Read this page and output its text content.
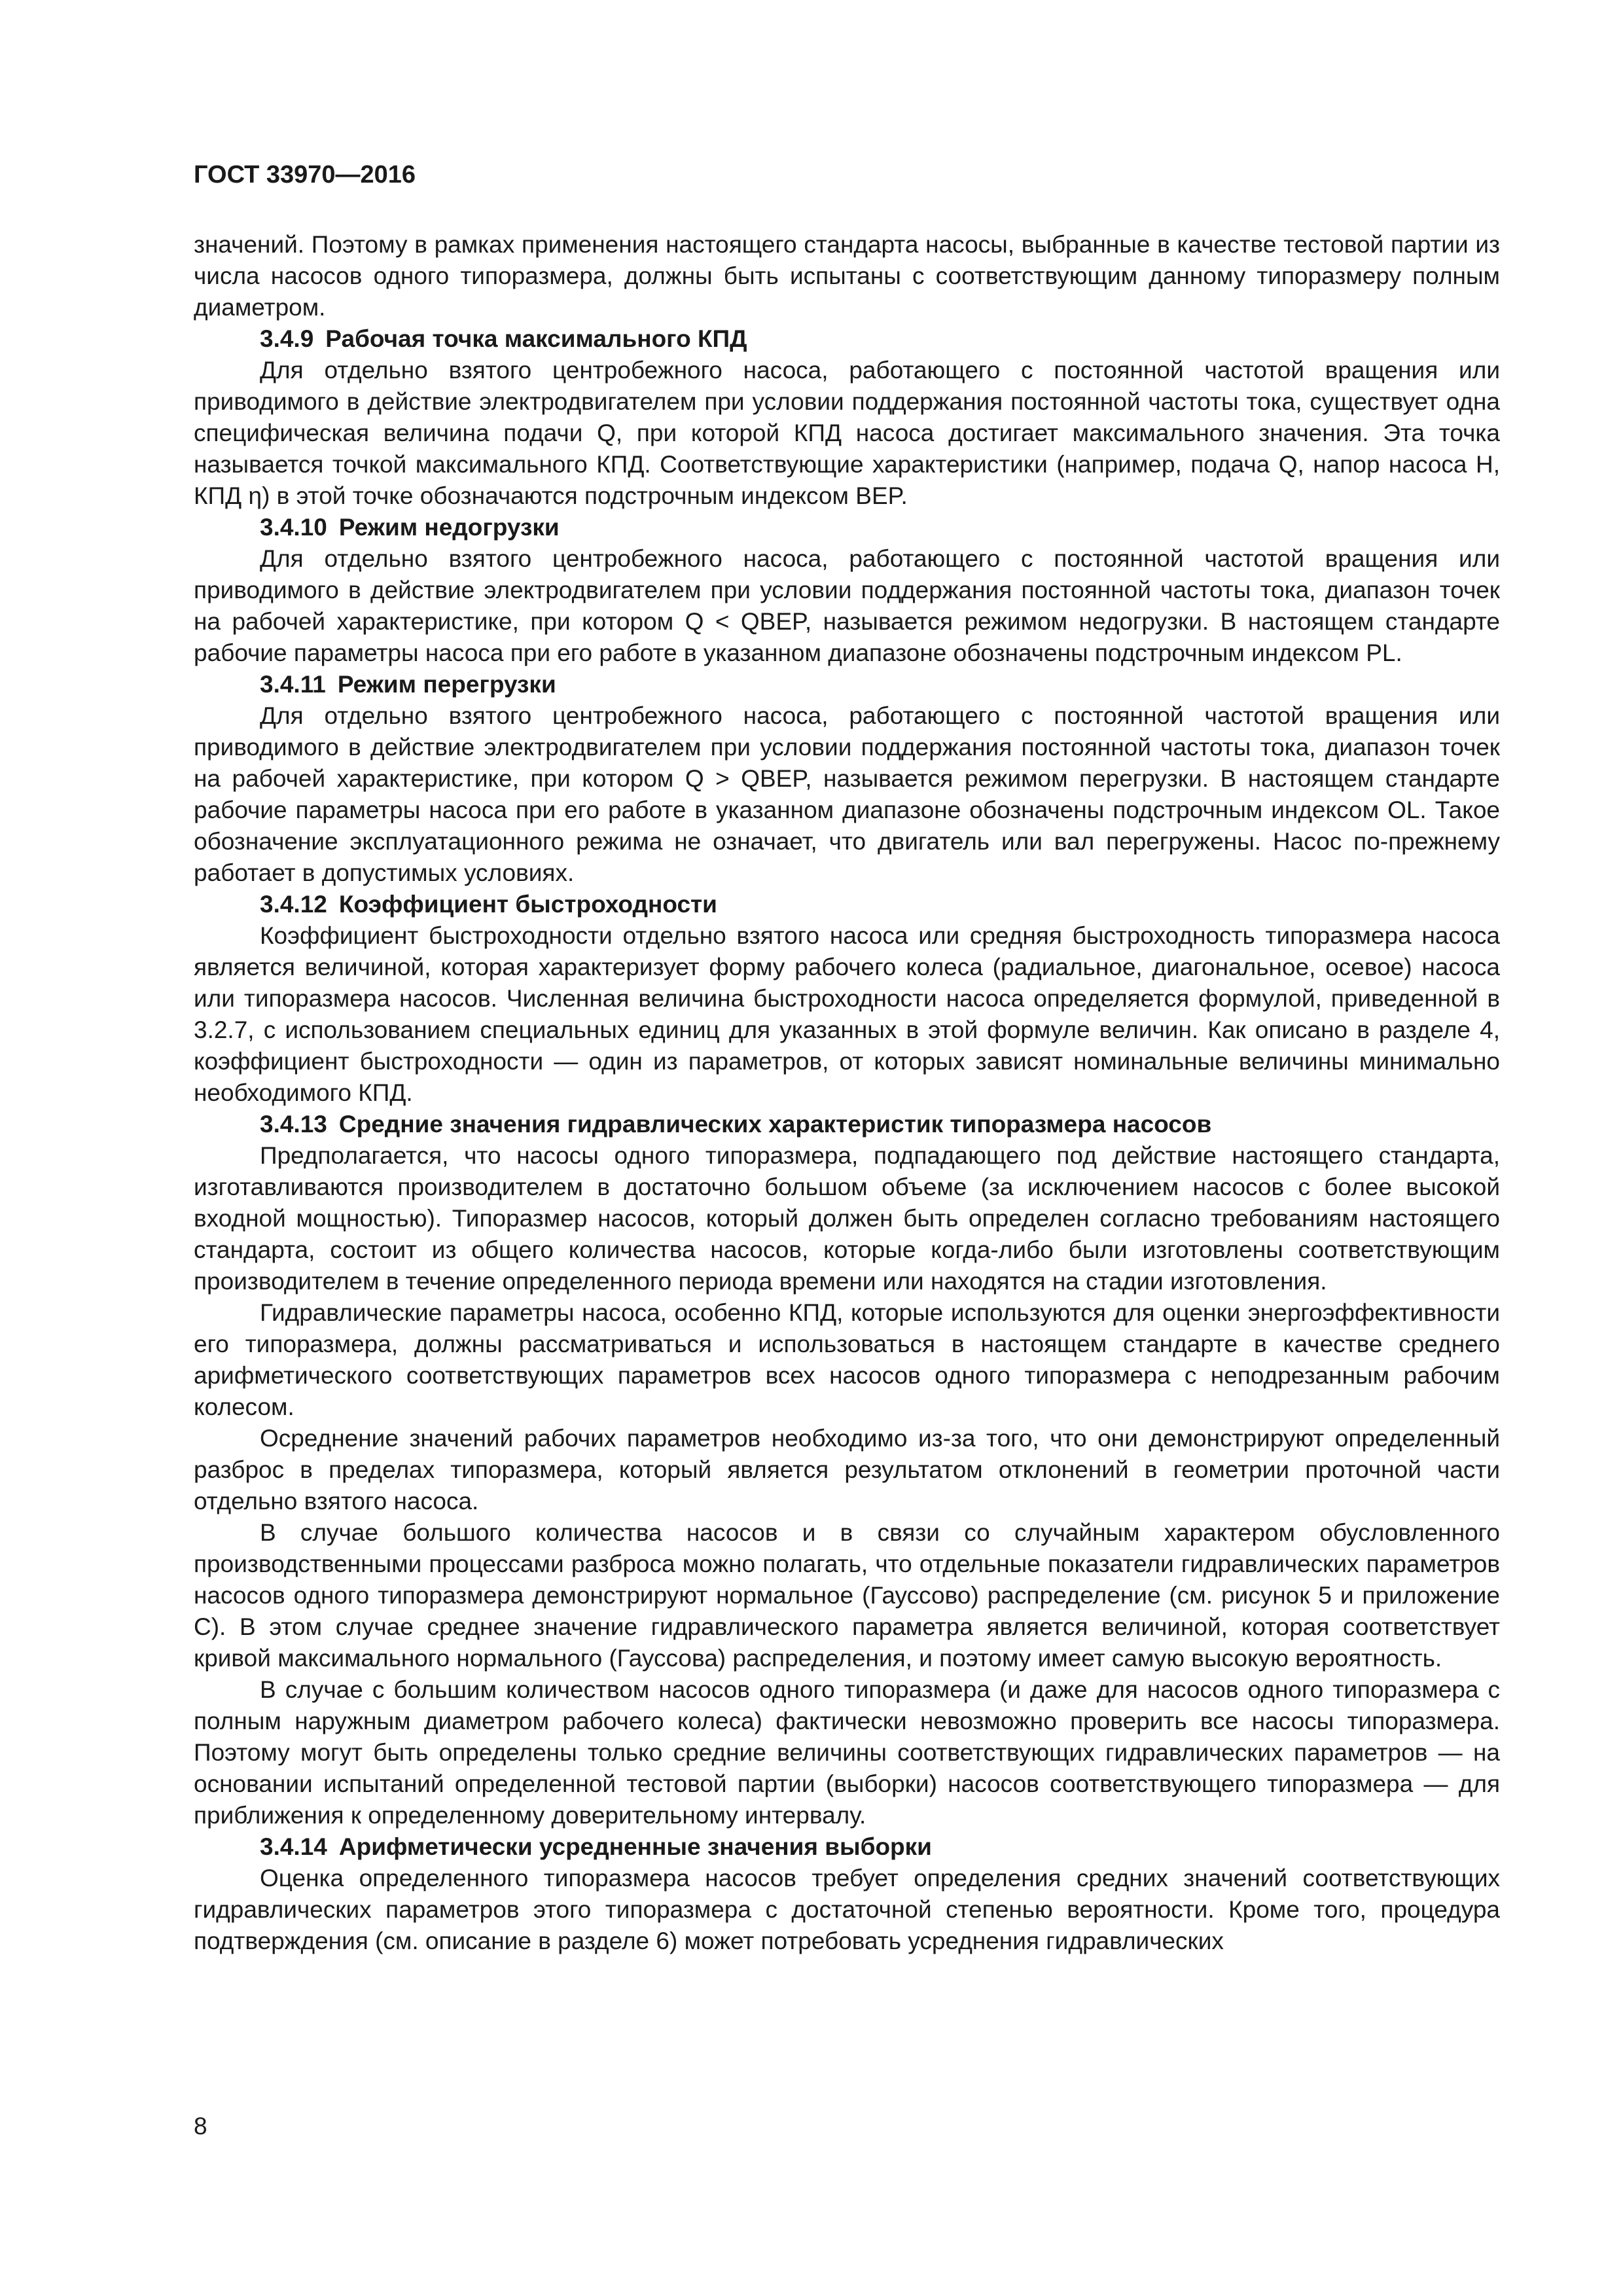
ГОСТ 33970—2016

значений. Поэтому в рамках применения настоящего стандарта насосы, выбранные в качестве тестовой партии из числа насосов одного типоразмера, должны быть испытаны с соответствующим данному типоразмеру полным диаметром.

3.4.9 Рабочая точка максимального КПД

Для отдельно взятого центробежного насоса, работающего с постоянной частотой вращения или приводимого в действие электродвигателем при условии поддержания постоянной частоты тока, существует одна специфическая величина подачи Q, при которой КПД насоса достигает максимального значения. Эта точка называется точкой максимального КПД. Соответствующие характеристики (например, подача Q, напор насоса H, КПД η) в этой точке обозначаются подстрочным индексом BEP.

3.4.10 Режим недогрузки

Для отдельно взятого центробежного насоса, работающего с постоянной частотой вращения или приводимого в действие электродвигателем при условии поддержания постоянной частоты тока, диапазон точек на рабочей характеристике, при котором Q < QBEP, называется режимом недогрузки. В настоящем стандарте рабочие параметры насоса при его работе в указанном диапазоне обозначены подстрочным индексом PL.

3.4.11 Режим перегрузки

Для отдельно взятого центробежного насоса, работающего с постоянной частотой вращения или приводимого в действие электродвигателем при условии поддержания постоянной частоты тока, диапазон точек на рабочей характеристике, при котором Q > QBEP, называется режимом перегрузки. В настоящем стандарте рабочие параметры насоса при его работе в указанном диапазоне обозначены подстрочным индексом OL. Такое обозначение эксплуатационного режима не означает, что двигатель или вал перегружены. Насос по-прежнему работает в допустимых условиях.

3.4.12 Коэффициент быстроходности

Коэффициент быстроходности отдельно взятого насоса или средняя быстроходность типоразмера насоса является величиной, которая характеризует форму рабочего колеса (радиальное, диагональное, осевое) насоса или типоразмера насосов. Численная величина быстроходности насоса определяется формулой, приведенной в 3.2.7, с использованием специальных единиц для указанных в этой формуле величин. Как описано в разделе 4, коэффициент быстроходности — один из параметров, от которых зависят номинальные величины минимально необходимого КПД.

3.4.13 Средние значения гидравлических характеристик типоразмера насосов

Предполагается, что насосы одного типоразмера, подпадающего под действие настоящего стандарта, изготавливаются производителем в достаточно большом объеме (за исключением насосов с более высокой входной мощностью). Типоразмер насосов, который должен быть определен согласно требованиям настоящего стандарта, состоит из общего количества насосов, которые когда-либо были изготовлены соответствующим производителем в течение определенного периода времени или находятся на стадии изготовления.

Гидравлические параметры насоса, особенно КПД, которые используются для оценки энергоэффективности его типоразмера, должны рассматриваться и использоваться в настоящем стандарте в качестве среднего арифметического соответствующих параметров всех насосов одного типоразмера с неподрезанным рабочим колесом.

Осреднение значений рабочих параметров необходимо из-за того, что они демонстрируют определенный разброс в пределах типоразмера, который является результатом отклонений в геометрии проточной части отдельно взятого насоса.

В случае большого количества насосов и в связи со случайным характером обусловленного производственными процессами разброса можно полагать, что отдельные показатели гидравлических параметров насосов одного типоразмера демонстрируют нормальное (Гауссово) распределение (см. рисунок 5 и приложение C). В этом случае среднее значение гидравлического параметра является величиной, которая соответствует кривой максимального нормального (Гауссова) распределения, и поэтому имеет самую высокую вероятность.

В случае с большим количеством насосов одного типоразмера (и даже для насосов одного типоразмера с полным наружным диаметром рабочего колеса) фактически невозможно проверить все насосы типоразмера. Поэтому могут быть определены только средние величины соответствующих гидравлических параметров — на основании испытаний определенной тестовой партии (выборки) насосов соответствующего типоразмера — для приближения к определенному доверительному интервалу.

3.4.14 Арифметически усредненные значения выборки

Оценка определенного типоразмера насосов требует определения средних значений соответствующих гидравлических параметров этого типоразмера с достаточной степенью вероятности. Кроме того, процедура подтверждения (см. описание в разделе 6) может потребовать усреднения гидравлических

8
